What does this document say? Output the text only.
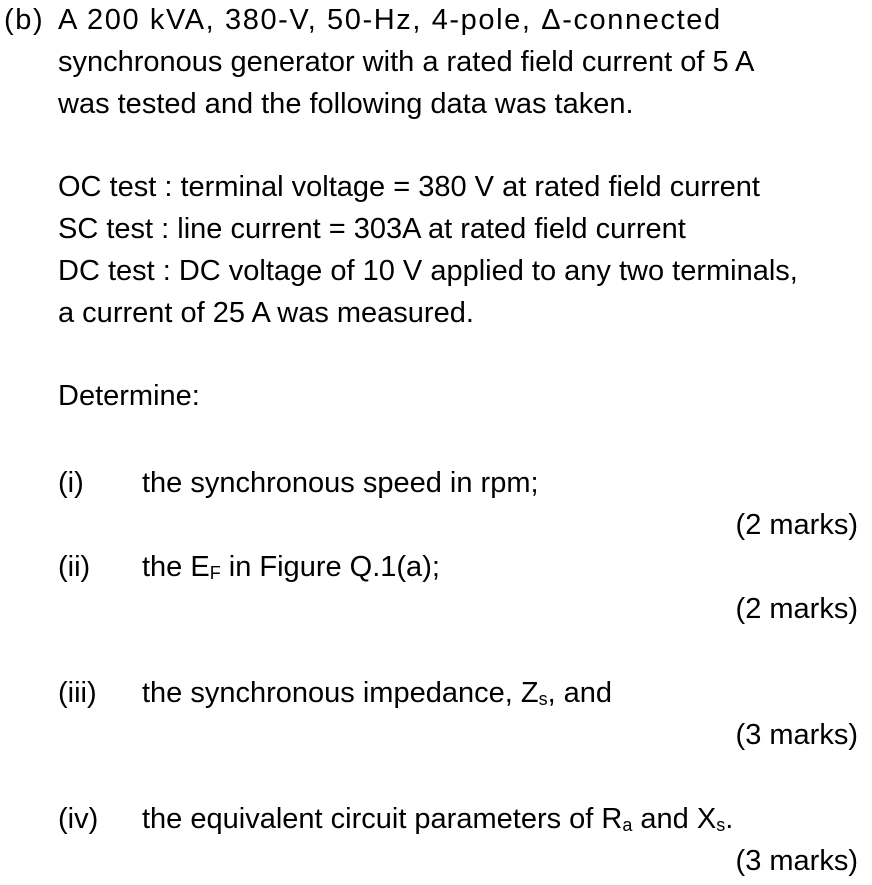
(b) A 200 kVA, 380-V, 50-Hz, 4-pole, Δ-connected
synchronous generator with a rated field current of 5 A
was tested and the following data was taken.
OC test : terminal voltage = 380 V at rated field current
SC test : line current = 303A at rated field current
DC test : DC voltage of 10 V applied to any two terminals,
a current of 25 A was measured.
Determine:
(i) the synchronous speed in rpm;
(2 marks)
(ii) the $E_F$ in Figure Q.1(a);
(2 marks)
(iii) the synchronous impedance, $Z_s$, and
(3 marks)
(iv) the equivalent circuit parameters of $R_a$ and $X_s$.
(3 marks)
